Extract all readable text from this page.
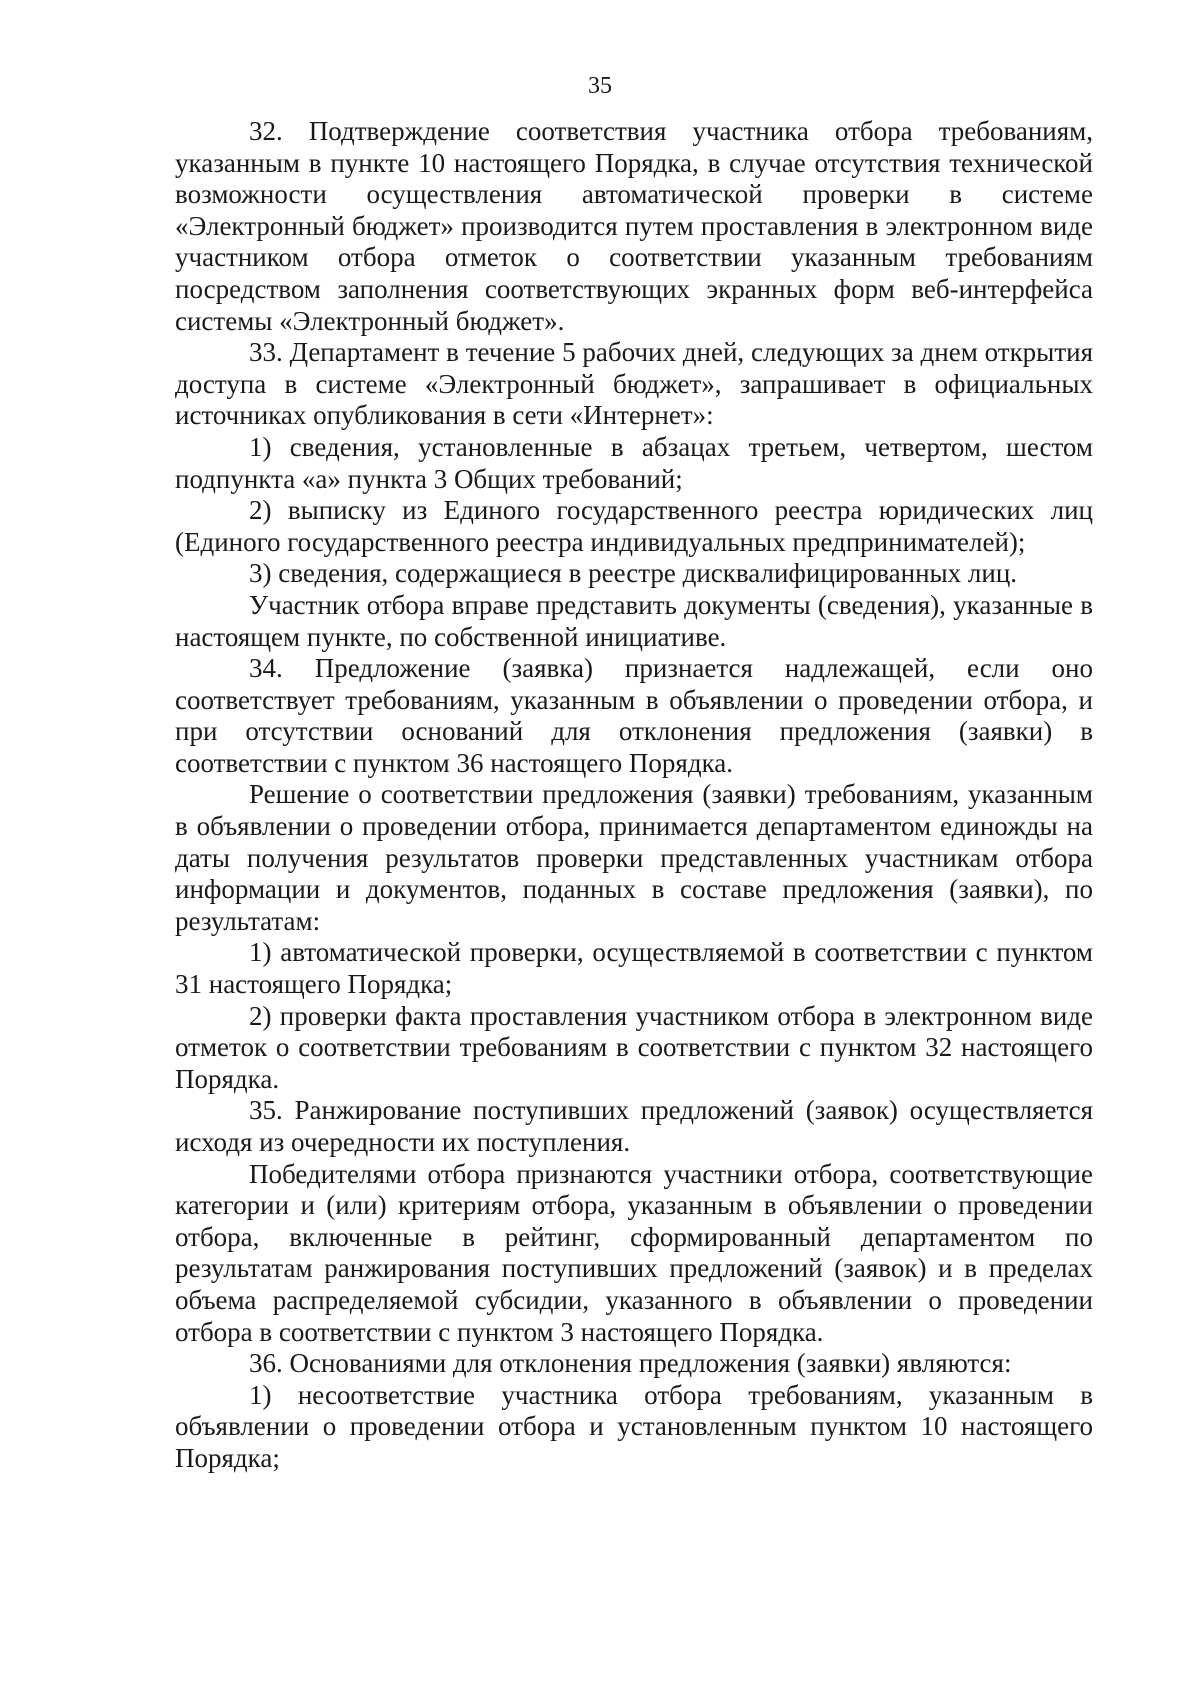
35

32. Подтверждение соответствия участника отбора требованиям, указанным в пункте 10 настоящего Порядка, в случае отсутствия технической возможности осуществления автоматической проверки в системе «Электронный бюджет» производится путем проставления в электронном виде участником отбора отметок о соответствии указанным требованиям посредством заполнения соответствующих экранных форм веб-интерфейса системы «Электронный бюджет».

33. Департамент в течение 5 рабочих дней, следующих за днем открытия доступа в системе «Электронный бюджет», запрашивает в официальных источниках опубликования в сети «Интернет»:

1) сведения, установленные в абзацах третьем, четвертом, шестом подпункта «а» пункта 3 Общих требований;

2) выписку из Единого государственного реестра юридических лиц (Единого государственного реестра индивидуальных предпринимателей);

3) сведения, содержащиеся в реестре дисквалифицированных лиц.

Участник отбора вправе представить документы (сведения), указанные в настоящем пункте, по собственной инициативе.

34. Предложение (заявка) признается надлежащей, если оно соответствует требованиям, указанным в объявлении о проведении отбора, и при отсутствии оснований для отклонения предложения (заявки) в соответствии с пунктом 36 настоящего Порядка.

Решение о соответствии предложения (заявки) требованиям, указанным в объявлении о проведении отбора, принимается департаментом единожды на даты получения результатов проверки представленных участникам отбора информации и документов, поданных в составе предложения (заявки), по результатам:

1) автоматической проверки, осуществляемой в соответствии с пунктом 31 настоящего Порядка;

2) проверки факта проставления участником отбора в электронном виде отметок о соответствии требованиям в соответствии с пунктом 32 настоящего Порядка.

35. Ранжирование поступивших предложений (заявок) осуществляется исходя из очередности их поступления.

Победителями отбора признаются участники отбора, соответствующие категории и (или) критериям отбора, указанным в объявлении о проведении отбора, включенные в рейтинг, сформированный департаментом по результатам ранжирования поступивших предложений (заявок) и в пределах объема распределяемой субсидии, указанного в объявлении о проведении отбора в соответствии с пунктом 3 настоящего Порядка.

36. Основаниями для отклонения предложения (заявки) являются:

1) несоответствие участника отбора требованиям, указанным в объявлении о проведении отбора и установленным пунктом 10 настоящего Порядка;
